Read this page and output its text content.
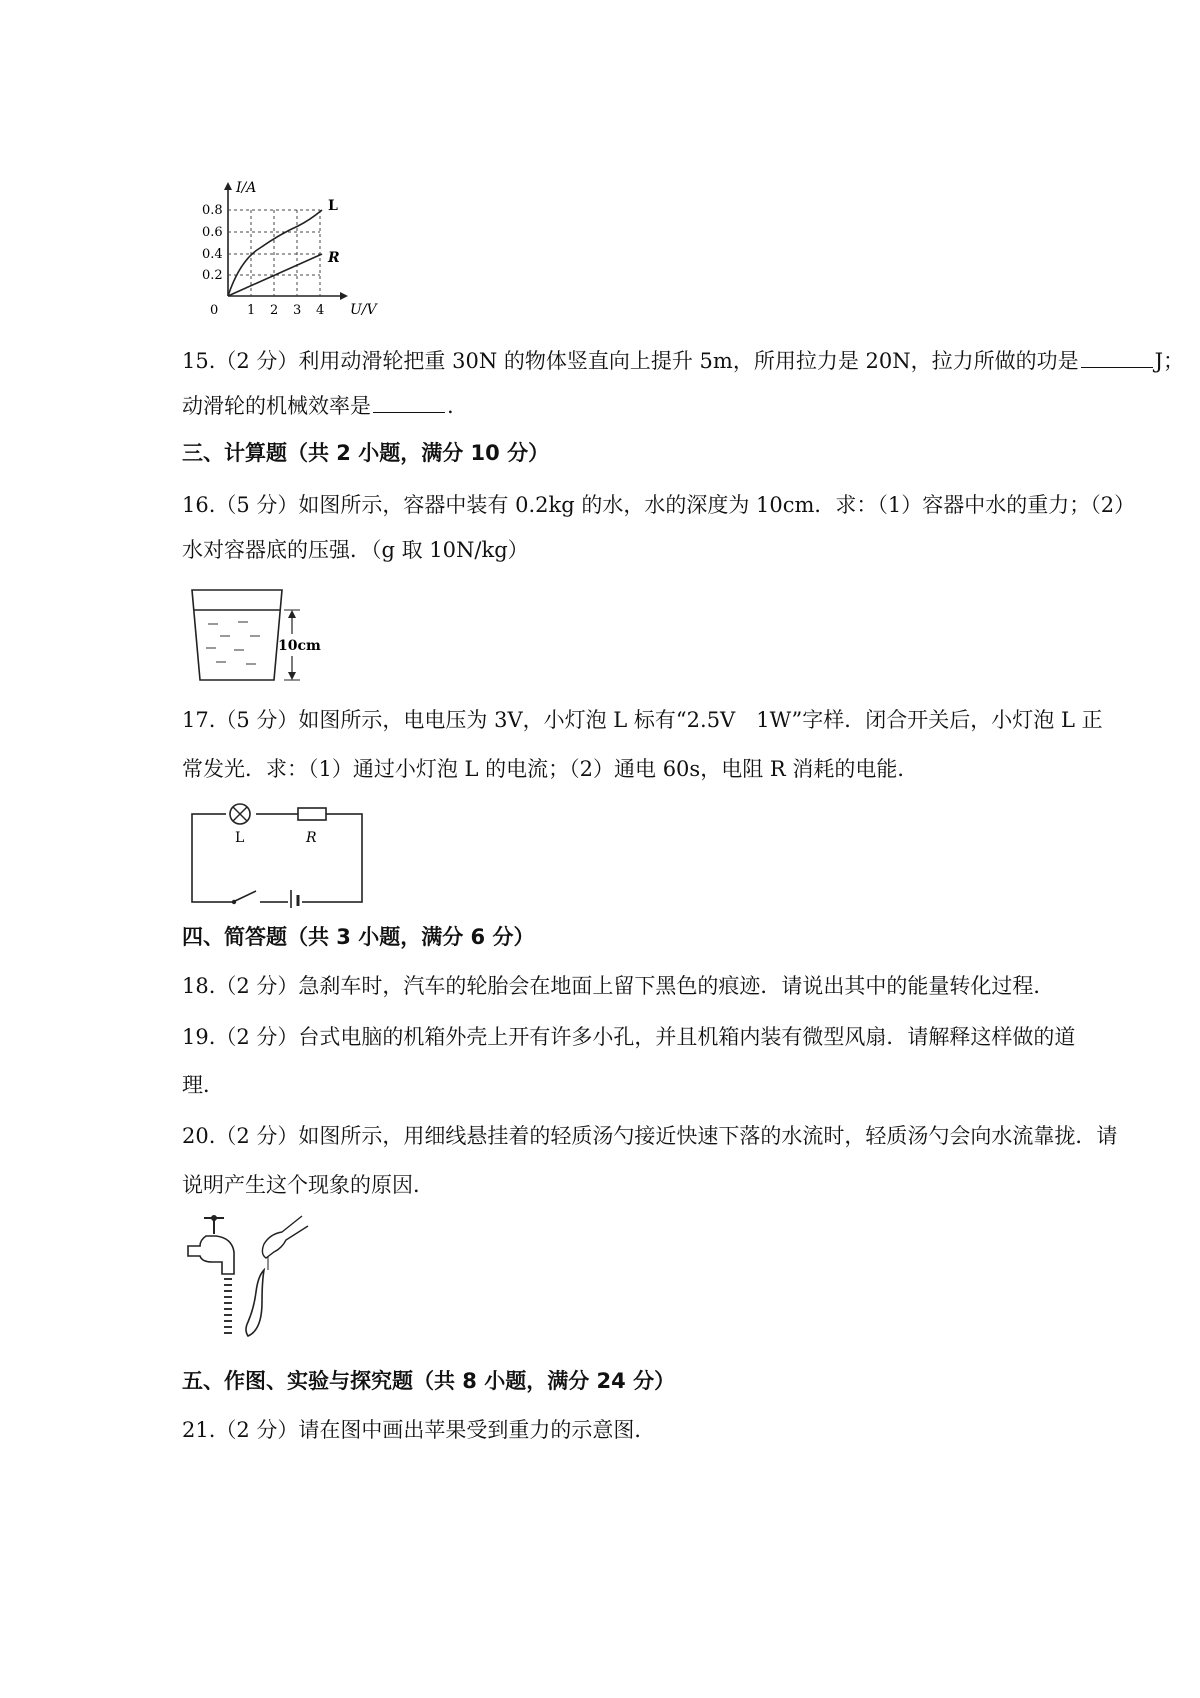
I/A
U/V
0.8
0.6
0.4
0.2
0 1 2 3 4
L
R
15.（2 分）利用动滑轮把重 30N 的物体竖直向上提升 5m，所用拉力是 20N，拉力所做的功是	J；
动滑轮的机械效率是	.
三、计算题（共 2 小题，满分 10 分）
16.（5 分）如图所示，容器中装有 0.2kg 的水，水的深度为 10cm．求：（1）容器中水的重力；（2）
水对容器底的压强．（g 取 10N/kg）
10cm
17.（5 分）如图所示，电电压为 3V，小灯泡 L 标有“2.5V　1W”字样．闭合开关后，小灯泡 L 正
常发光．求：（1）通过小灯泡 L 的电流；（2）通电 60s，电阻 R 消耗的电能．
L	R
四、简答题（共 3 小题，满分 6 分）
18.（2 分）急刹车时，汽车的轮胎会在地面上留下黑色的痕迹．请说出其中的能量转化过程．
19.（2 分）台式电脑的机箱外壳上开有许多小孔，并且机箱内装有微型风扇．请解释这样做的道
理．
20.（2 分）如图所示，用细线悬挂着的轻质汤勺接近快速下落的水流时，轻质汤勺会向水流靠拢．请
说明产生这个现象的原因．
五、作图、实验与探究题（共 8 小题，满分 24 分）
21.（2 分）请在图中画出苹果受到重力的示意图．
